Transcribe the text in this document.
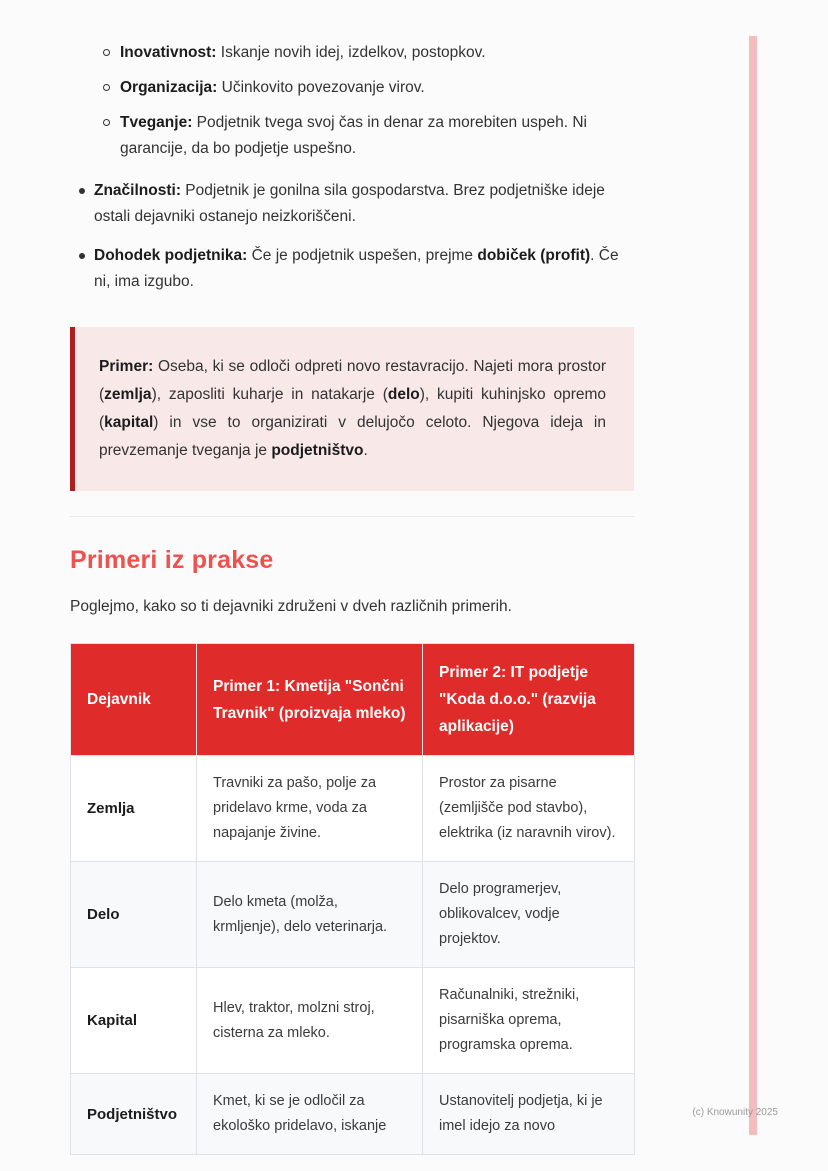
Inovativnost: Iskanje novih idej, izdelkov, postopkov.
Organizacija: Učinkovito povezovanje virov.
Tveganje: Podjetnik tvega svoj čas in denar za morebiten uspeh. Ni garancije, da bo podjetje uspešno.
Značilnosti: Podjetnik je gonilna sila gospodarstva. Brez podjetniške ideje ostali dejavniki ostanejo neizkoriščeni.
Dohodek podjetnika: Če je podjetnik uspešen, prejme dobiček (profit). Če ni, ima izgubo.
Primer: Oseba, ki se odloči odpreti novo restavracijo. Najeti mora prostor (zemlja), zaposliti kuharje in natakarje (delo), kupiti kuhinjsko opremo (kapital) in vse to organizirati v delujočo celoto. Njegova ideja in prevzemanje tveganja je podjetništvo.
Primeri iz prakse

Poglejmo, kako so ti dejavniki združeni v dveh različnih primerih.

Dejavnik	Primer 1: Kmetija "Sončni Travnik" (proizvaja mleko)	Primer 2: IT podjetje "Koda d.o.o." (razvija aplikacije)
Zemlja	Travniki za pašo, polje za pridelavo krme, voda za napajanje živine.	Prostor za pisarne (zemljišče pod stavbo), elektrika (iz naravnih virov).
Delo	Delo kmeta (molža, krmljenje), delo veterinarja.	Delo programerjev, oblikovalcev, vodje projektov.
Kapital	Hlev, traktor, molzni stroj, cisterna za mleko.	Računalniki, strežniki, pisarniška oprema, programska oprema.
Podjetništvo	Kmet, ki se je odločil za ekološko pridelavo, iskanje	Ustanovitelj podjetja, ki je imel idejo za novo
(c) Knowunity 2025
